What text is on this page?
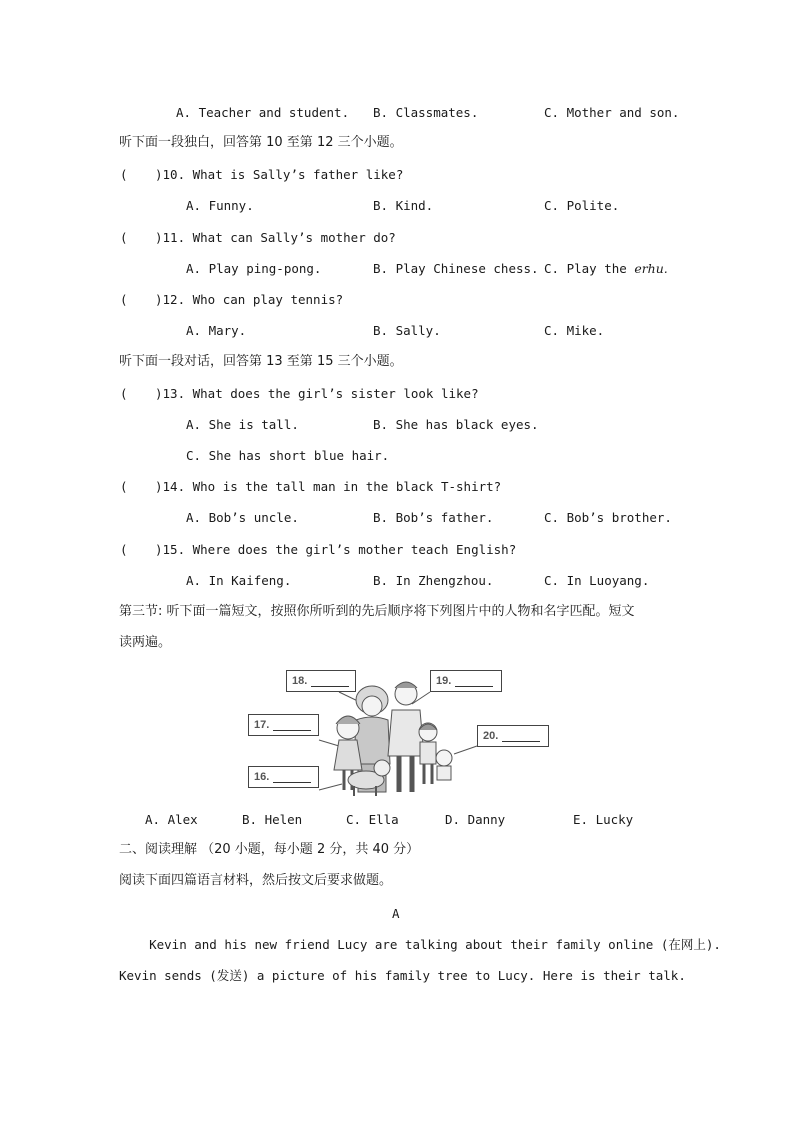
A. Teacher and student. B. Classmates.	C. Mother and son.
听下面一段独白，回答第 10 至第 12 三个小题。
( )10. What is Sally’s father like?
A. Funny.	B. Kind.	C. Polite.
( )11. What can Sally’s mother do?
A. Play ping-pong.	B. Play Chinese chess. C. Play the erhu.
( )12. Who can play tennis?
A. Mary.	B. Sally.	C. Mike.
听下面一段对话，回答第 13 至第 15 三个小题。
( )13. What does the girl’s sister look like?
A. She is tall.	B. She has black eyes.
C. She has short blue hair.
( )14. Who is the tall man in the black T-shirt?
A. Bob’s uncle.	B. Bob’s father.	C. Bob’s brother.
( )15. Where does the girl’s mother teach English?
A. In Kaifeng.	B. In Zhengzhou.	C. In Luoyang.
第三节: 听下面一篇短文，按照你所听到的先后顺序将下列图片中的人物和名字匹配。短文
读两遍。
18.	19.
17.
20.
16.
A. Alex	B. Helen	C. Ella	D. Danny	E. Lucky
二、阅读理解 （20 小题，每小题 2 分，共 40 分）
阅读下面四篇语言材料，然后按文后要求做题。
A
Kevin and his new friend Lucy are talking about their family online (在网上).
Kevin sends (发送) a picture of his family tree to Lucy. Here is their talk.
